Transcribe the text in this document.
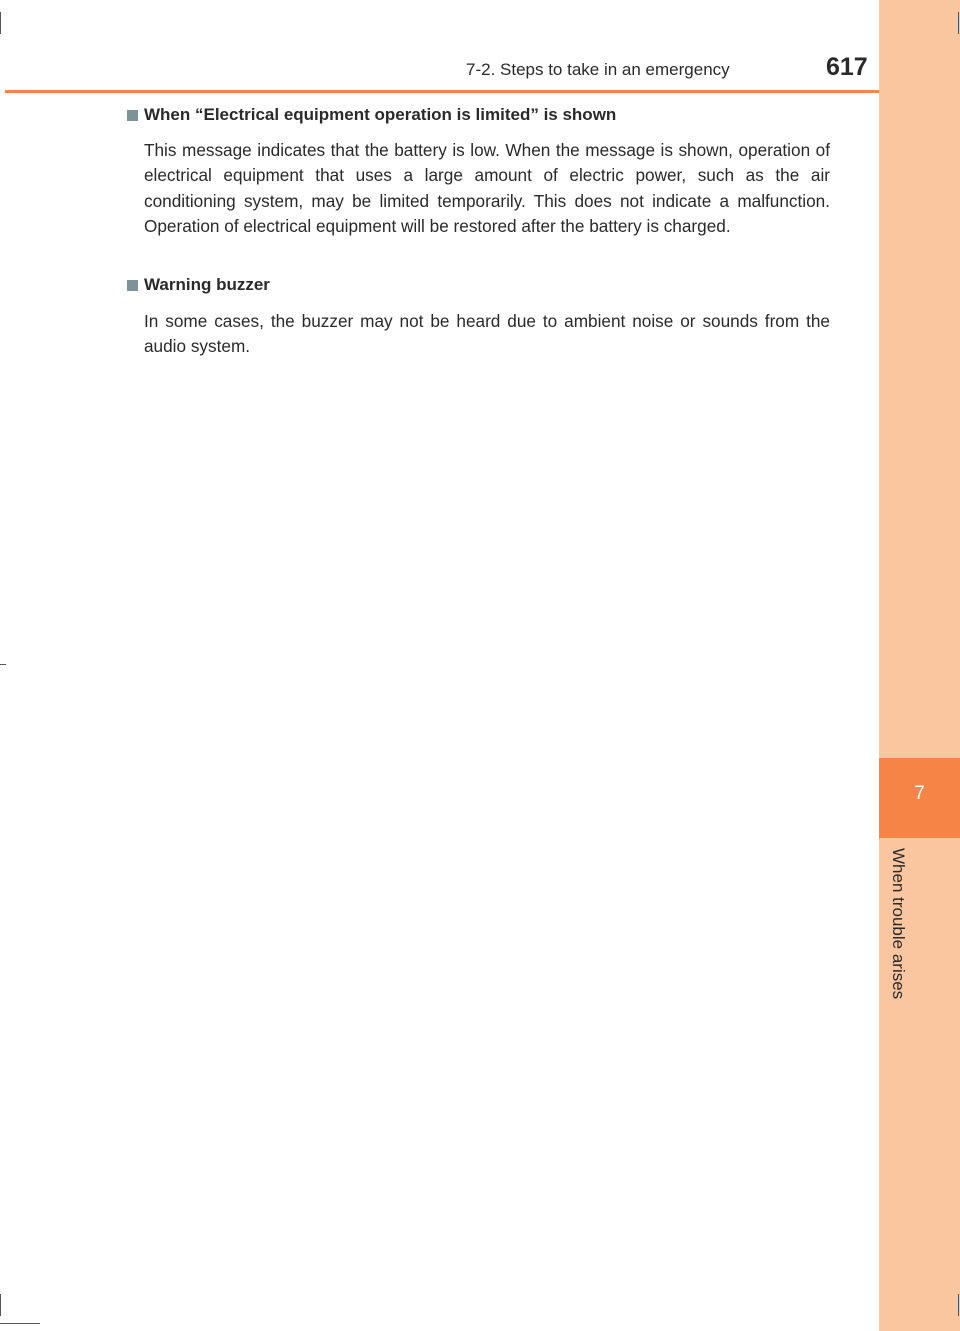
7
When trouble arises
7-2. Steps to take in an emergency	617
When “Electrical equipment operation is limited” is shown

This message indicates that the battery is low. When the message is shown, operation of electrical equipment that uses a large amount of electric power, such as the air conditioning system, may be limited temporarily. This does not indicate a malfunction. Operation of electrical equipment will be restored after the battery is charged.

Warning buzzer

In some cases, the buzzer may not be heard due to ambient noise or sounds from the audio system.
